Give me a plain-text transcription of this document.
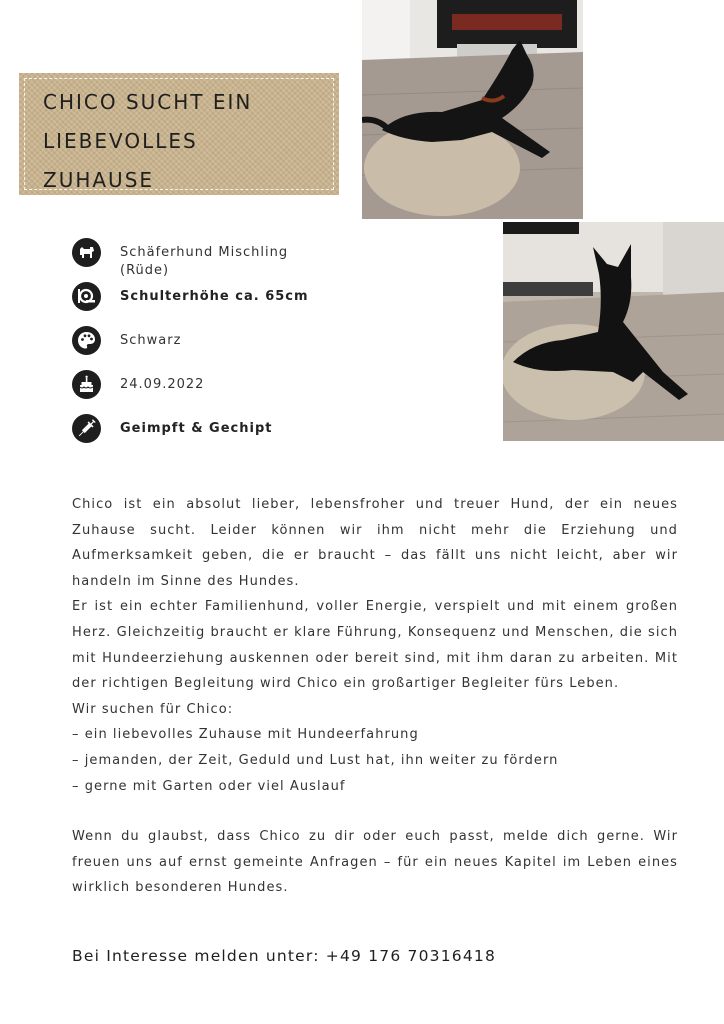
CHICO SUCHT EIN
LIEBEVOLLES
ZUHAUSE
Schäferhund Mischling
(Rüde)
Schulterhöhe ca. 65cm
Schwarz
24.09.2022
Geimpft & Gechipt

Chico ist ein absolut lieber, lebensfroher und treuer Hund, der ein neues Zuhause sucht. Leider können wir ihm nicht mehr die Erziehung und Aufmerksamkeit geben, die er braucht – das fällt uns nicht leicht, aber wir handeln im Sinne des Hundes.

Er ist ein echter Familienhund, voller Energie, verspielt und mit einem großen Herz. Gleichzeitig braucht er klare Führung, Konsequenz und Menschen, die sich mit Hundeerziehung auskennen oder bereit sind, mit ihm daran zu arbeiten. Mit der richtigen Begleitung wird Chico ein großartiger Begleiter fürs Leben.

Wir suchen für Chico:

– ein liebevolles Zuhause mit Hundeerfahrung

– jemanden, der Zeit, Geduld und Lust hat, ihn weiter zu fördern

– gerne mit Garten oder viel Auslauf

Wenn du glaubst, dass Chico zu dir oder euch passt, melde dich gerne. Wir freuen uns auf ernst gemeinte Anfragen – für ein neues Kapitel im Leben eines wirklich besonderen Hundes.

Bei Interesse melden unter: +49 176 70316418
